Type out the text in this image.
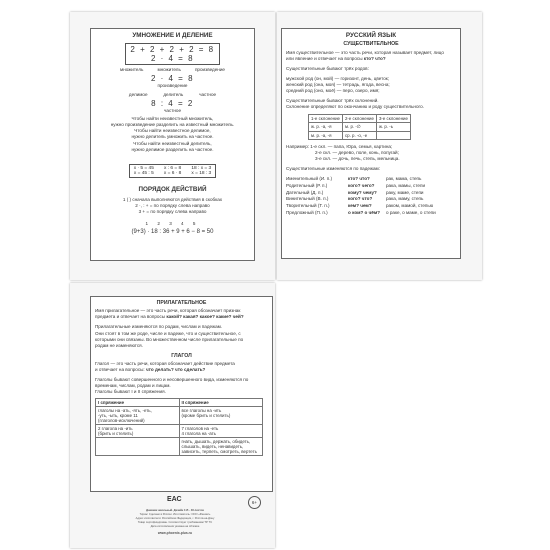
УМНОЖЕНИЕ И ДЕЛЕНИЕ
2 + 2 + 2 + 2 = 8
2 · 4 = 8
множитель	множитель	произведение
2 · 4 = 8
произведение
делимое	делитель	частное
8 : 4 = 2
частное
Чтобы найти неизвестный множитель,
нужно произведение разделить на известный множитель.
Чтобы найти неизвестное делимое,
нужно делитель умножить на частное.
Чтобы найти неизвестный делитель,
нужно делимое разделить на частное.
x · 5 = 45 x : 6 = 8 18 : x = 3
x = 45 : 5 x = 6 · 8 x = 18 : 3
ПОРЯДОК ДЕЙСТВИЙ
1 ( ) сначала выполняются действия в скобках
2 ·, : + = по порядку слева направо
3 + = по порядку слева направо
1 2 3 4 5
(9+3) · 18 : 36 + 9 + 6 − 8 = 50
РУССКИЙ ЯЗЫК
СУЩЕСТВИТЕЛЬНОЕ
Имя существительное — это часть речи, которая называет предмет, лицо
или явление и отвечает на вопросы кто? что?
Существительные бывают трёх родов:
мужской род (он, мой) — горизонт, день, цветок;
женский род (она, моя) — тетрадь, ягода, весна;
средний род (оно, моё) — перо, озеро, имя;
Существительные бывают трёх склонений.
Склонение определяют по окончанию и роду существительного.
1-е склонение	2-е склонение	3-е склонение
ж. р. -а, -я	м. р. -∅	ж. р. -ь
м. р. -а, -я	ср. р. -о, -е	
Например: 1-е скл. — папа, Юра, семья, картина;
2-е скл. — дерево, поле, конь, попугай;
3-е скл. — дочь, печь, степь, мельница.
Существительные изменяются по падежам:
Именительный (И. п.)	кто? что?	рак, мама, степь
Родительный (Р. п.)	кого? чего?	рака, мамы, степи
Дательный (Д. п.)	кому? чему?	раку, маме, степи
Винительный (В. п.)	кого? что?	рака, маму, степь
Творительный (Т. п.)	кем? чем?	раком, мамой, степью
Предложный (П. п.)	о ком? о чём?	о раке, о маме, о степи
ПРИЛАГАТЕЛЬНОЕ
Имя прилагательное — это часть речи, которая обозначает признак
предмета и отвечает на вопросы какой? какая? какое? какие? чей?
Прилагательные изменяются по родам, числам и падежам.
Они стоят в том же роде, числе и падеже, что и существительное, с
которыми они связаны. Во множественном числе прилагательные по
родам не изменяются.
ГЛАГОЛ
Глагол — это часть речи, которая обозначает действие предмета
и отвечает на вопросы: что делать? что сделать?
Глаголы бывают совершенного и несовершенного вида, изменяются по
временам, числам, родам и лицам.
Глаголы бывают I и II спряжения.
I спряжение	II спряжение
глаголы на -ать, -ять, -еть,
-уть, -ыть, кроме 11
(глаголов-исключений)	все глаголы на -ить
(кроме брить и стелить)
2 глагола на -ить
(брить и стелить)	7 глаголов на -еть
4 глагола на -ать
	гнать, дышать, держать, обидеть,
слышать, видеть, ненавидеть,
зависеть, терпеть, смотреть, вертеть
6+
ЕАС
Дневник школьный. Дизайн 115 · 48 листов
Тираж: Сделано в России. Изготовитель: ООО «Феникс»
Адрес изготовителя: Российская Федерация, г. Ростов-на-Дону
Товар сертифицирован. Соответствует требованиям ТР ТС
Дата изготовления указана на обложке
www.phoenix-plus.ru
